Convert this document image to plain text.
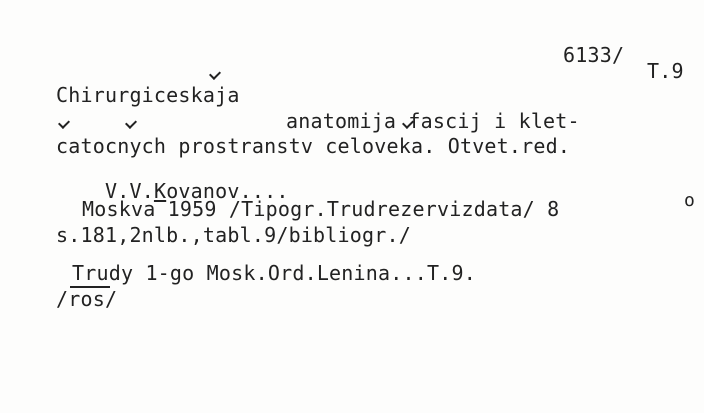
6133/
T.9
Chirurgiceskaja
anatomija fascij i klet-
catocnych prostranstv celoveka. Otvet.red.

V.V.Kovanov....

Moskva 1959 /Tipogr.Trudrezervizdata/ 8	o
s.181,2nlb.,tabl.9/bibliogr./
Trudy 1-go Mosk.Ord.Lenina...T.9.
/ros/
